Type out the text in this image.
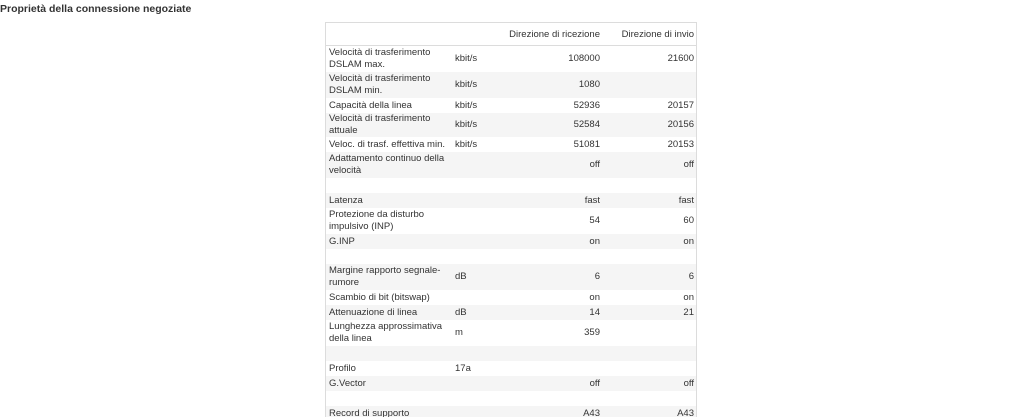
Proprietà della connessione negoziate
		Direzione di ricezione	Direzione di invio
Velocità di trasferimento DSLAM max.	kbit/s	108000	21600
Velocità di trasferimento DSLAM min.	kbit/s	1080	
Capacità della linea	kbit/s	52936	20157
Velocità di trasferimento attuale	kbit/s	52584	20156
Veloc. di trasf. effettiva min.	kbit/s	51081	20153
Adattamento continuo della velocità		off	off

Latenza		fast	fast
Protezione da disturbo impulsivo (INP)		54	60
G.INP		on	on

Margine rapporto segnale-rumore	dB	6	6
Scambio di bit (bitswap)		on	on
Attenuazione di linea	dB	14	21
Lunghezza approssimativa della linea	m	359	

Profilo	17a		
G.Vector		off	off

Record di supporto		A43	A43
